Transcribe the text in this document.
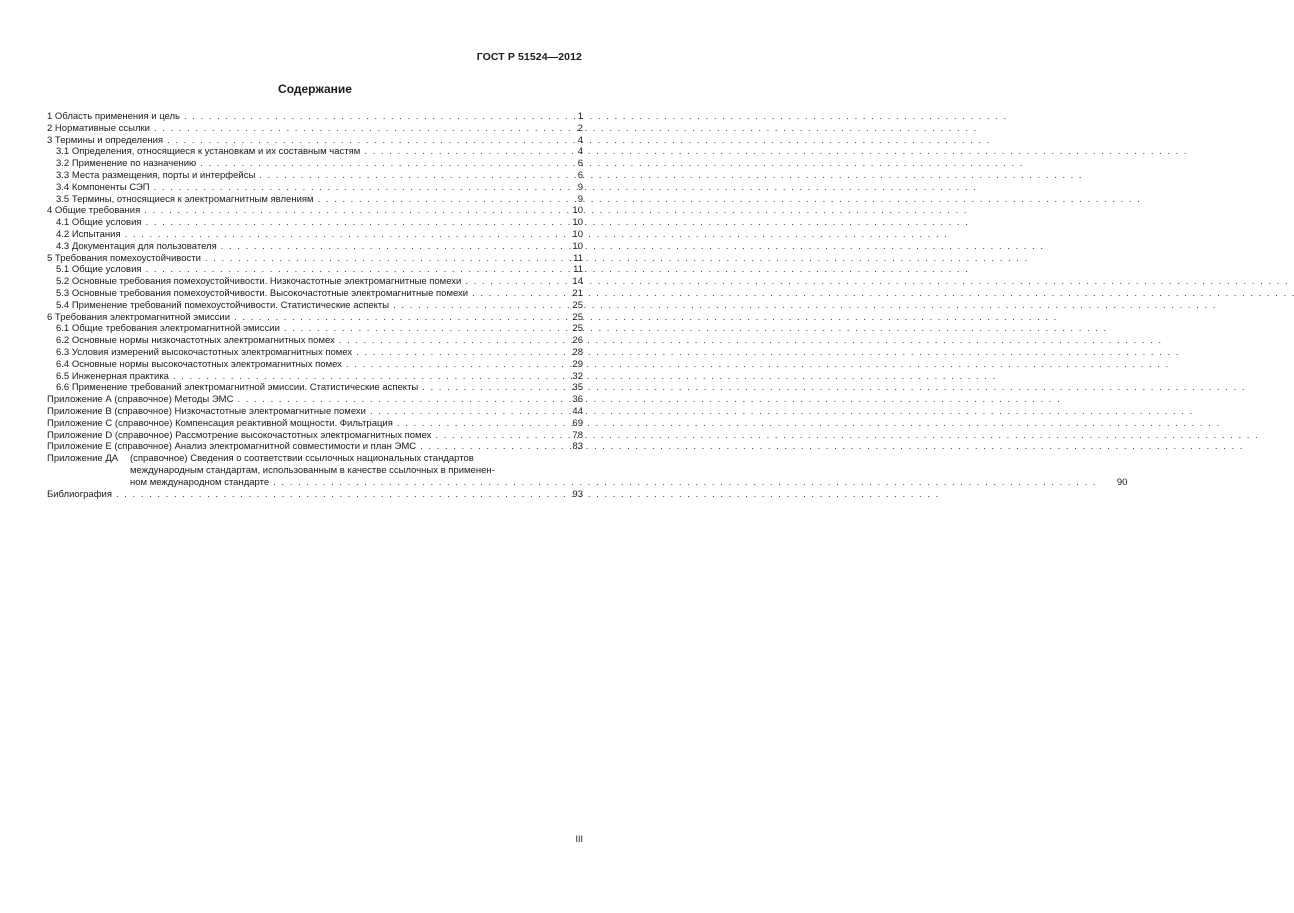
ГОСТ Р 51524—2012
Содержание
1 Область применения и цель . . .	1
2 Нормативные ссылки . . .	2
3 Термины и определения . . .	4
3.1 Определения, относящиеся к установкам и их составным частям . . .	4
3.2 Применение по назначению . . .	6
3.3 Места размещения, порты и интерфейсы . . .	6
3.4 Компоненты СЭП . . .	9
3.5 Термины, относящиеся к электромагнитным явлениям . . .	9
4 Общие требования . . .	10
4.1 Общие условия . . .	10
4.2 Испытания . . .	10
4.3 Документация для пользователя . . .	10
5 Требования помехоустойчивости . . .	11
5.1 Общие условия . . .	11
5.2 Основные требования помехоустойчивости. Низкочастотные электромагнитные помехи . . .	14
5.3 Основные требования помехоустойчивости. Высокочастотные электромагнитные помехи . . .	21
5.4 Применение требований помехоустойчивости. Статистические аспекты . . .	25
6 Требования электромагнитной эмиссии . . .	25
6.1 Общие требования электромагнитной эмиссии . . .	25
6.2 Основные нормы низкочастотных электромагнитных помех . . .	26
6.3 Условия измерений высокочастотных электромагнитных помех . . .	28
6.4 Основные нормы высокочастотных электромагнитных помех . . .	29
6.5 Инженерная практика . . .	32
6.6 Применение требований электромагнитной эмиссии. Статистические аспекты . . .	35
Приложение А (справочное) Методы ЭМС . . .	36
Приложение В (справочное) Низкочастотные электромагнитные помехи . . .	44
Приложение С (справочное) Компенсация реактивной мощности. Фильтрация . . .	69
Приложение D (справочное) Рассмотрение высокочастотных электромагнитных помех . . .	78
Приложение Е (справочное) Анализ электромагнитной совместимости и план ЭМС . . .	83
Приложение ДА	(справочное) Сведения о соответствии ссылочных национальных стандартов
международным стандартам, использованным в качестве ссылочных в применен-
ном международном стандарте . . .	90
Библиография . . .	93
III
